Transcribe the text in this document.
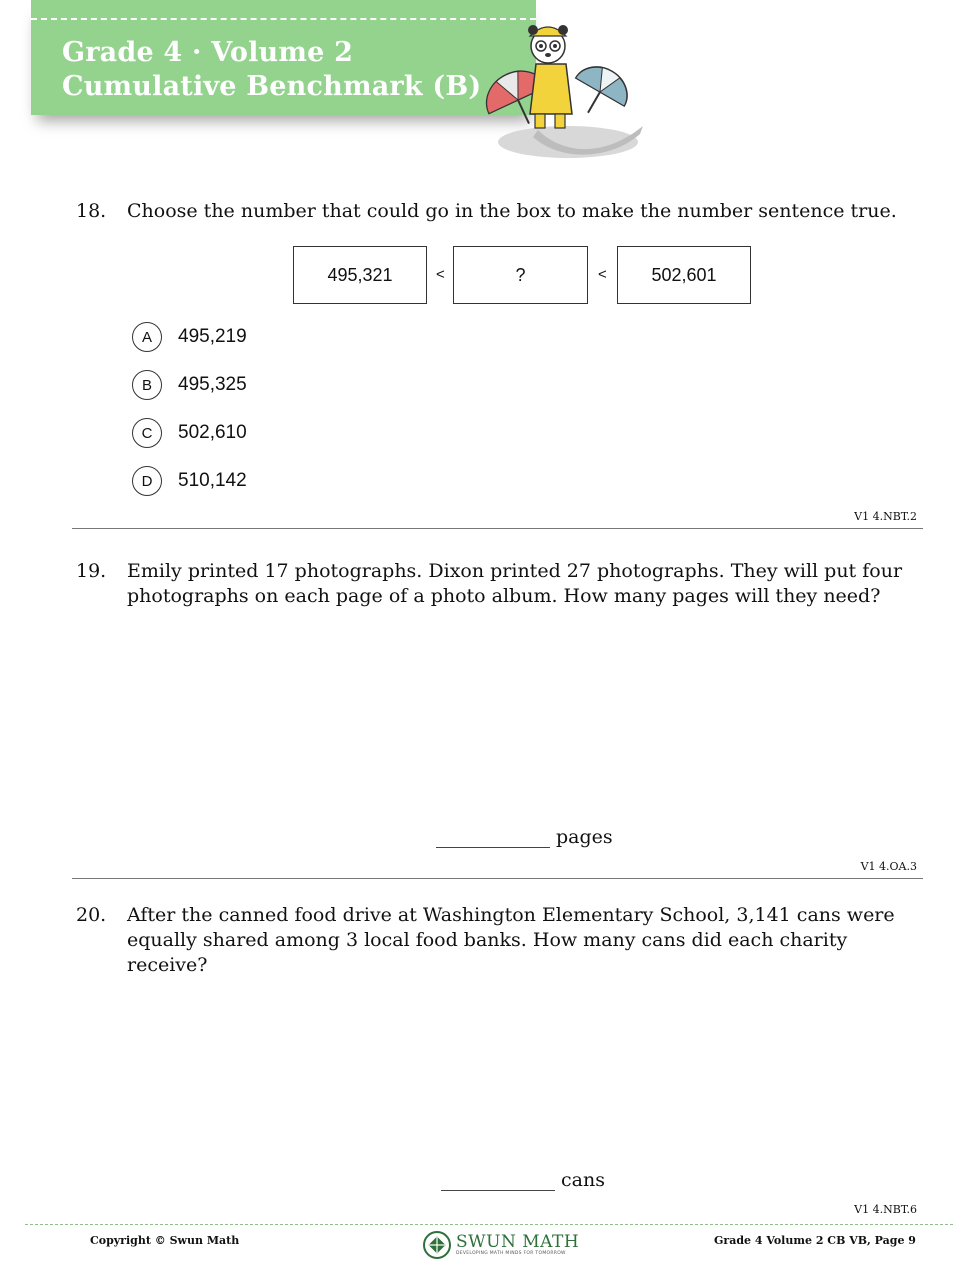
Grade 4 · Volume 2
Cumulative Benchmark (B)
18. Choose the number that could go in the box to make the number sentence true.
495,321	<	?	<	502,601
A	495,219
B	495,325
C	502,610
D	510,142
V1 4.NBT.2
19. Emily printed 17 photographs. Dixon printed 27 photographs. They will put four photographs on each page of a photo album. How many pages will they need?
pages
V1 4.OA.3
20. After the canned food drive at Washington Elementary School, 3,141 cans were equally shared among 3 local food banks. How many cans did each charity receive?
cans
V1 4.NBT.6
Copyright © Swun Math	SWUN MATH
DEVELOPING MATH MINDS FOR TOMORROW
Grade 4 Volume 2 CB VB, Page 9
